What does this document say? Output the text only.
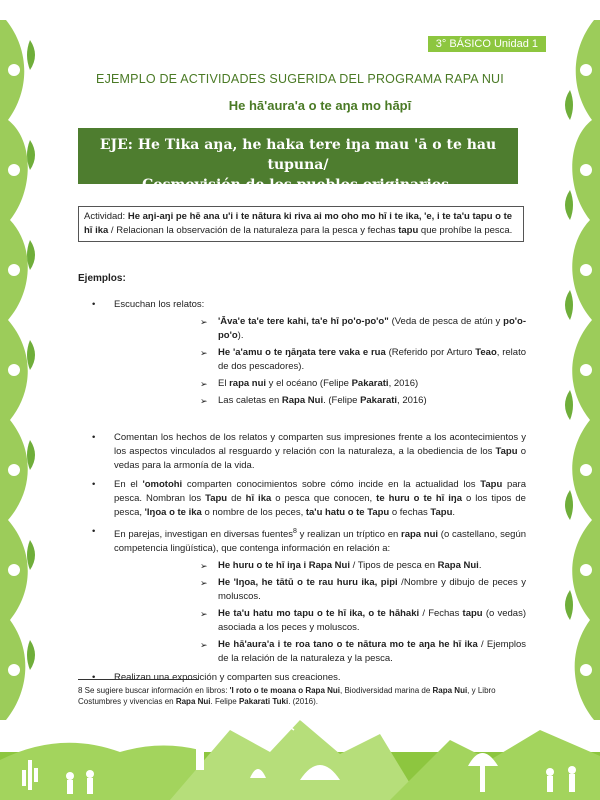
3° BÁSICO Unidad 1
EJEMPLO DE ACTIVIDADES SUGERIDA DEL PROGRAMA RAPA NUI
He hā'aura'a o te aŋa mo hāpī
EJE: He Tika aŋa, he haka tere iŋa mau 'ā o te hau tupuna/
Cosmovisión de los pueblos originarios.
Actividad: He aŋi-aŋi pe hē ana u'i i te nātura ki riva ai mo oho mo hī i te ika, 'e, i te ta'u tapu o te hī ika / Relacionan la observación de la naturaleza para la pesca y fechas tapu que prohíbe la pesca.
Ejemplos:
• Escuchan los relatos:
➢ 'Āva'e ta'e tere kahi, ta'e hī po'o-po'o" (Veda de pesca de atún y po'o-po'o).
➢ He 'a'amu o te ŋāŋata tere vaka e rua (Referido por Arturo Teao, relato de dos pescadores).
➢ El rapa nui y el océano (Felipe Pakarati, 2016)
➢ Las caletas en Rapa Nui. (Felipe Pakarati, 2016)
• Comentan los hechos de los relatos y comparten sus impresiones frente a los acontecimientos y los aspectos vinculados al resguardo y relación con la naturaleza, a la obediencia de los Tapu o vedas para la armonía de la vida.
• En el 'omotohi comparten conocimientos sobre cómo incide en la actualidad los Tapu para pesca. Nombran los Tapu de hī ika o pesca que conocen, te huru o te hī iŋa o los tipos de pesca, 'Iŋoa o te ika o nombre de los peces, ta'u hatu o te Tapu o fechas Tapu.
• En parejas, investigan en diversas fuentes$^8$ y realizan un tríptico en rapa nui (o castellano, según competencia lingüística), que contenga información en relación a:
➢ He huru o te hī iŋa i Rapa Nui / Tipos de pesca en Rapa Nui.
➢ He 'Iŋoa, he tātū o te rau huru ika, pipi /Nombre y dibujo de peces y moluscos.
➢ He ta'u hatu mo tapu o te hī ika, o te hāhaki / Fechas tapu (o vedas) asociada a los peces y moluscos.
➢ He hā'aura'a i te roa tano o te nātura mo te aŋa he hī ika / Ejemplos de la relación de la naturaleza y la pesca.
• Realizan una exposición y comparten sus creaciones.
8 Se sugiere buscar información en libros: 'I roto o te moana o Rapa Nui, Biodiversidad marina de Rapa Nui, y Libro Costumbres y vivencias en Rapa Nui. Felipe Pakarati Tuki. (2016).
